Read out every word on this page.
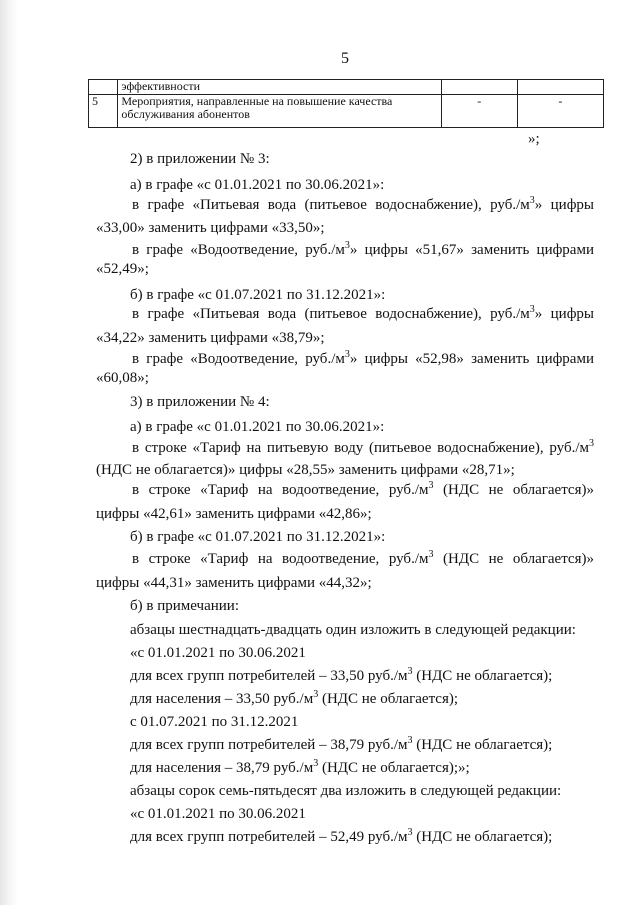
5
	эффективности		
5	Мероприятия, направленные на повышение качества обслуживания абонентов	-	-
»;
2) в приложении № 3:
а) в графе «с 01.01.2021 по 30.06.2021»:
в графе «Питьевая вода (питьевое водоснабжение), $руб./м^3$» цифры
«33,00» заменить цифрами «33,50»;
в графе «Водоотведение, $руб./м^3$» цифры «51,67» заменить цифрами
«52,49»;
б) в графе «с 01.07.2021 по 31.12.2021»:
в графе «Питьевая вода (питьевое водоснабжение), $руб./м^3$» цифры
«34,22» заменить цифрами «38,79»;
в графе «Водоотведение, $руб./м^3$» цифры «52,98» заменить цифрами
«60,08»;
3) в приложении № 4:
а) в графе «с 01.01.2021 по 30.06.2021»:
в строке «Тариф на питьевую воду (питьевое водоснабжение), $руб./м^3$
(НДС не облагается)» цифры «28,55» заменить цифрами «28,71»;
в строке «Тариф на водоотведение, $руб./м^3$ (НДС не облагается)»
цифры «42,61» заменить цифрами «42,86»;
б) в графе «с 01.07.2021 по 31.12.2021»:
в строке «Тариф на водоотведение, $руб./м^3$ (НДС не облагается)»
цифры «44,31» заменить цифрами «44,32»;
б) в примечании:
абзацы шестнадцать-двадцать один изложить в следующей редакции:
«с 01.01.2021 по 30.06.2021
для всех групп потребителей – 33,50 $руб./м^3$ (НДС не облагается);
для населения – 33,50 $руб./м^3$ (НДС не облагается);
с 01.07.2021 по 31.12.2021
для всех групп потребителей – 38,79 $руб./м^3$ (НДС не облагается);
для населения – 38,79 $руб./м^3$ (НДС не облагается);»;
абзацы сорок семь-пятьдесят два изложить в следующей редакции:
«с 01.01.2021 по 30.06.2021
для всех групп потребителей – 52,49 $руб./м^3$ (НДС не облагается);
